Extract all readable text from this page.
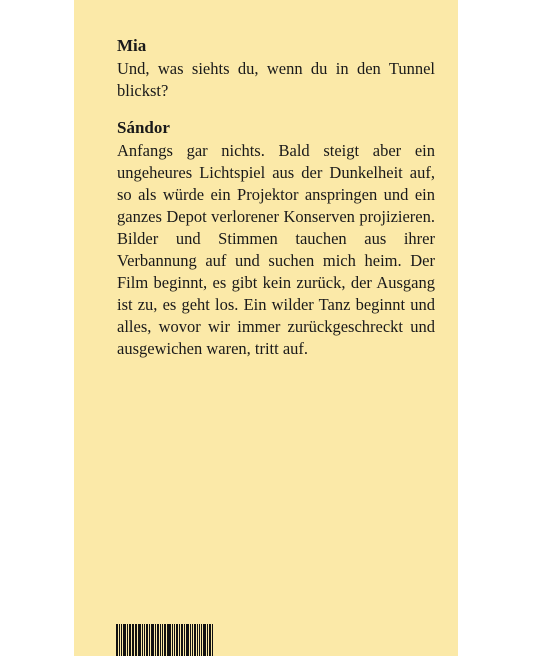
Mia

Und, was siehts du, wenn du in den Tunnel blickst?

Sándor

Anfangs gar nichts. Bald steigt aber ein ungeheures Lichtspiel aus der Dunkelheit auf, so als würde ein Projektor anspringen und ein ganzes Depot verlorener Konserven projizieren. Bilder und Stimmen tauchen aus ihrer Verbannung auf und suchen mich heim. Der Film beginnt, es gibt kein zurück, der Ausgang ist zu, es geht los. Ein wilder Tanz beginnt und alles, wovor wir immer zurückgeschreckt und ausgewichen waren, tritt auf.
